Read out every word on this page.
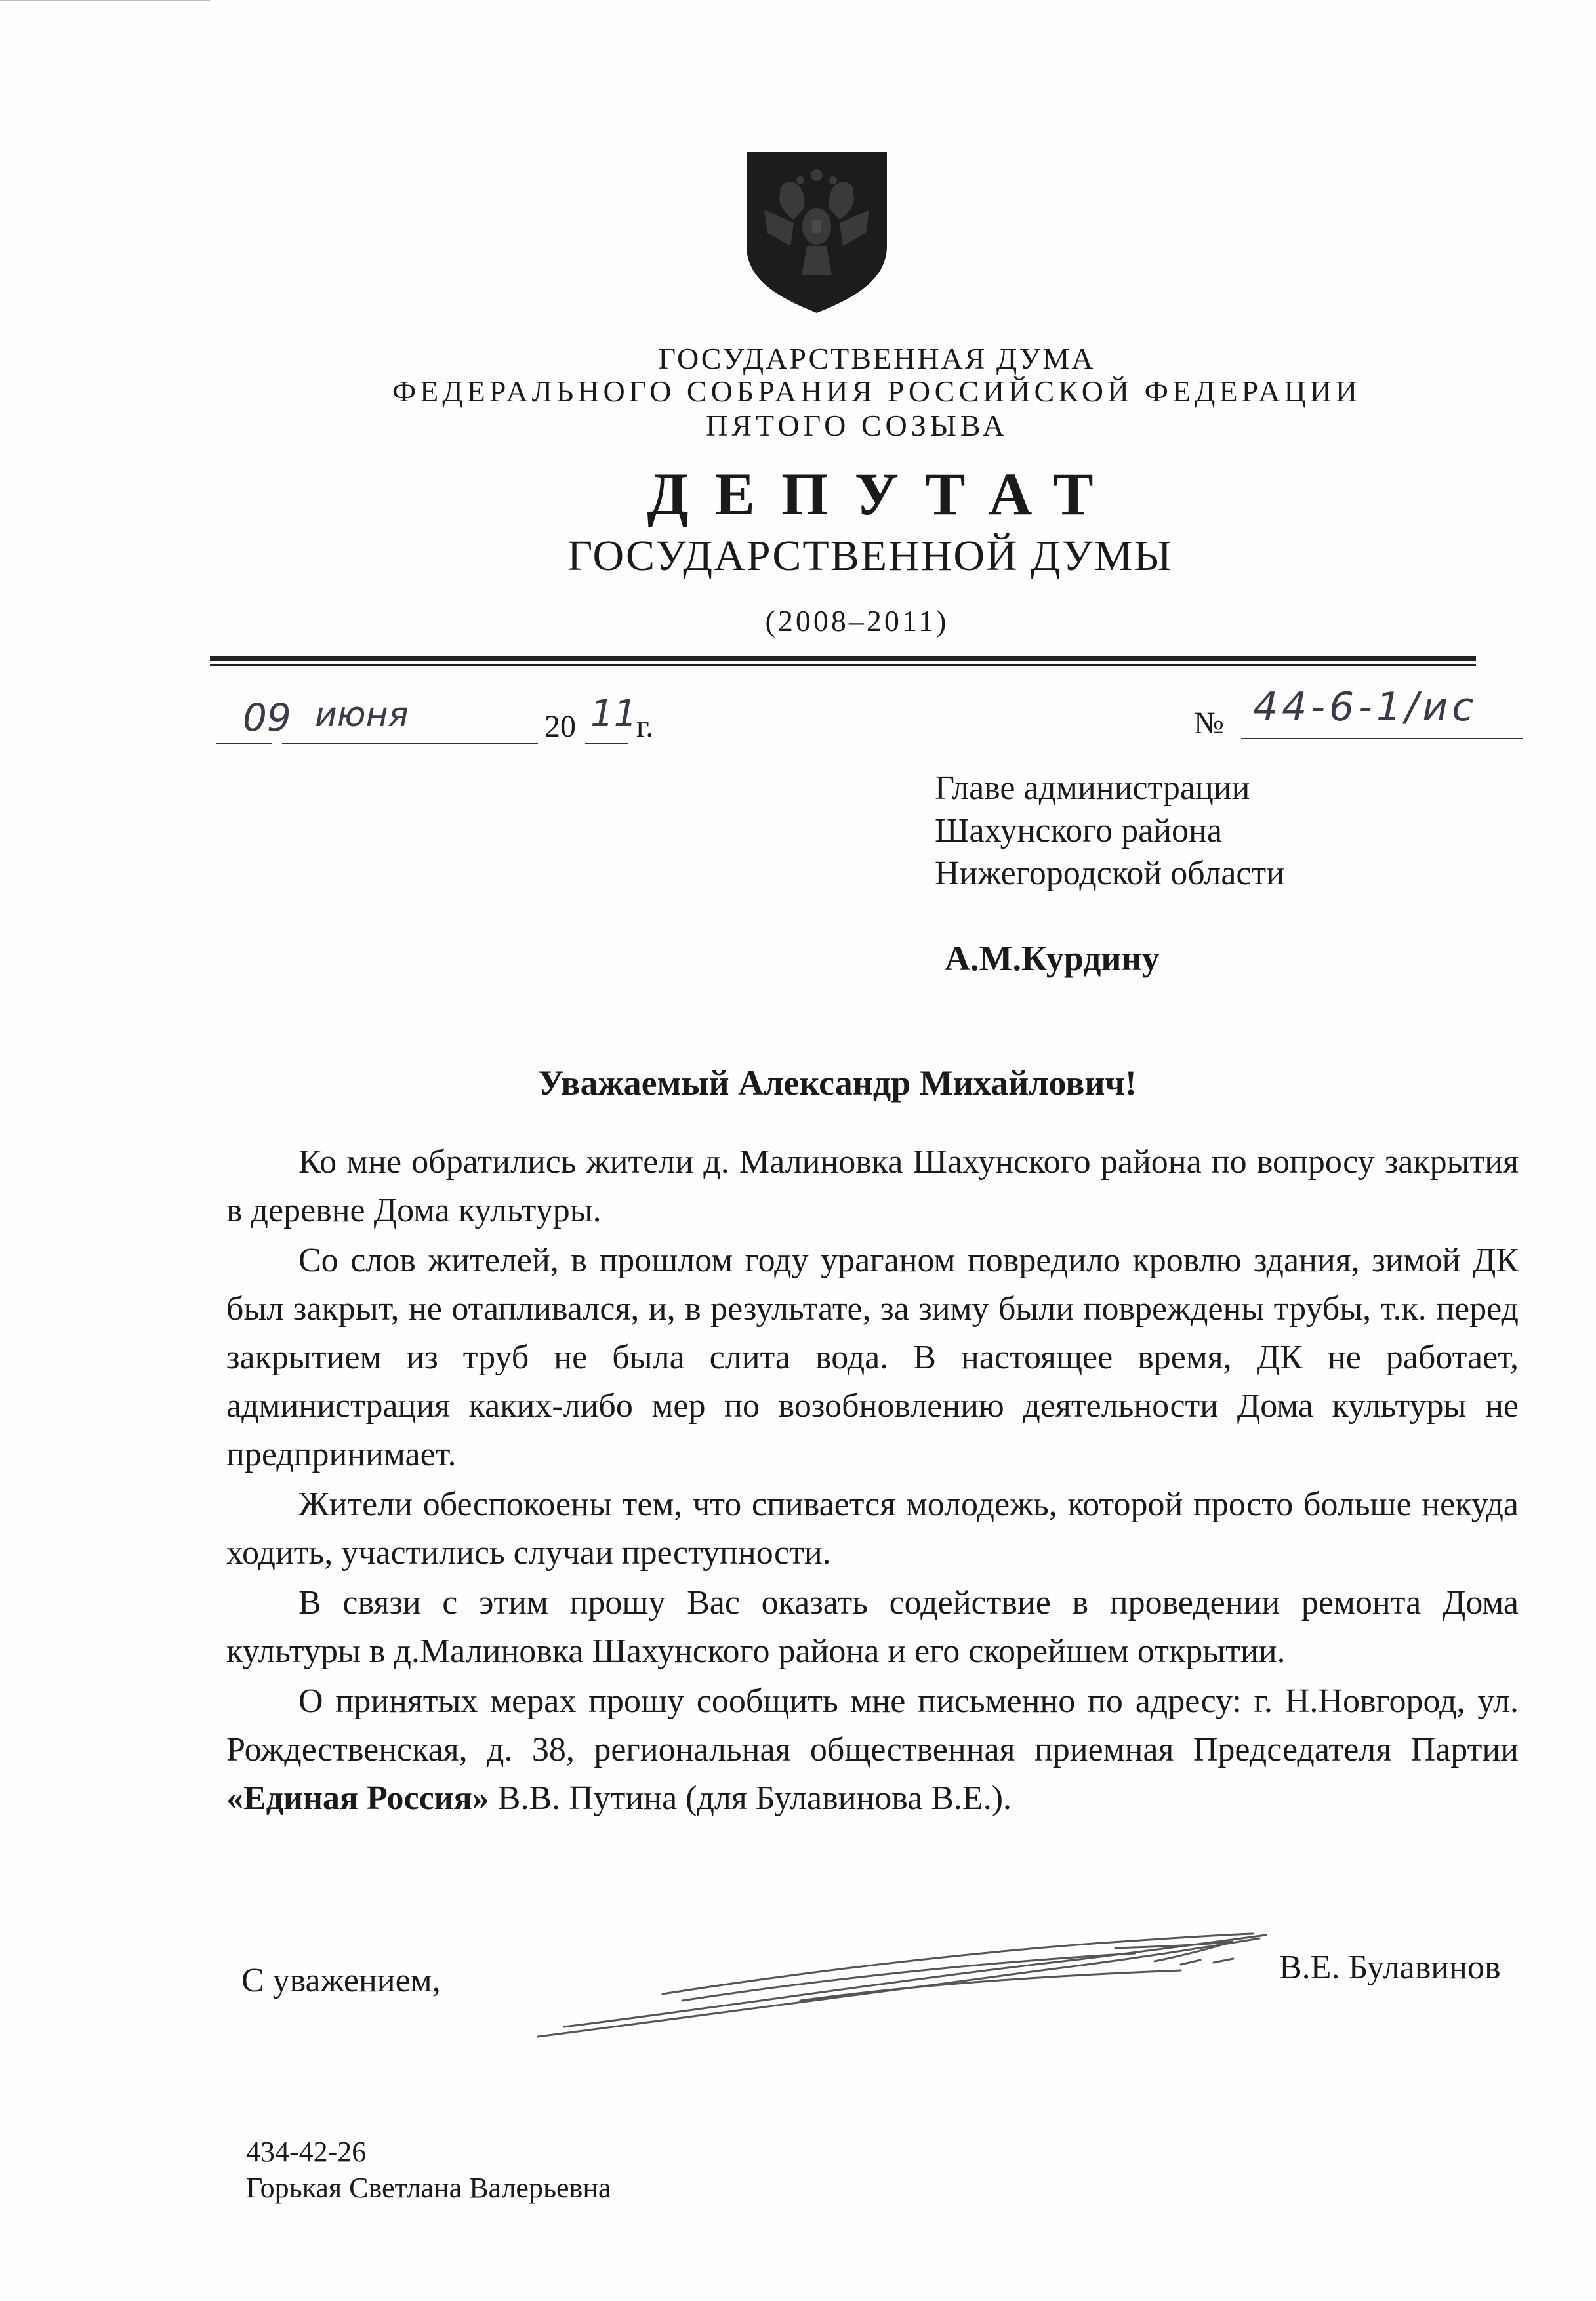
ГОСУДАРСТВЕННАЯ ДУМА
ФЕДЕРАЛЬНОГО СОБРАНИЯ РОССИЙСКОЙ ФЕДЕРАЦИИ
ПЯТОГО СОЗЫВА
ДЕПУТАТ
ГОСУДАРСТВЕННОЙ ДУМЫ
(2008–2011)
09 июня	20 11
г.	№ 44-6-1/ис
Главе администрации
Шахунского района
Нижегородской области
А.М.Курдину
Уважаемый Александр Михайлович!

Ко мне обратились жители д. Малиновка Шахунского района по вопросу закрытия в деревне Дома культуры.

Со слов жителей, в прошлом году ураганом повредило кровлю здания, зимой ДК был закрыт, не отапливался, и, в результате, за зиму были повреждены трубы, т.к. перед закрытием из труб не была слита вода. В настоящее время, ДК не работает, администрация каких-либо мер по возобновлению деятельности Дома культуры не предпринимает.

Жители обеспокоены тем, что спивается молодежь, которой просто больше некуда ходить, участились случаи преступности.

В связи с этим прошу Вас оказать содействие в проведении ремонта Дома культуры в д.Малиновка Шахунского района и его скорейшем открытии.

О принятых мерах прошу сообщить мне письменно по адресу: г. Н.Новгород, ул. Рождественская, д. 38, региональная общественная приемная Председателя Партии «Единая Россия» В.В. Путина (для Булавинова В.Е.).

С уважением,	В.Е. Булавинов
434-42-26
Горькая Светлана Валерьевна
